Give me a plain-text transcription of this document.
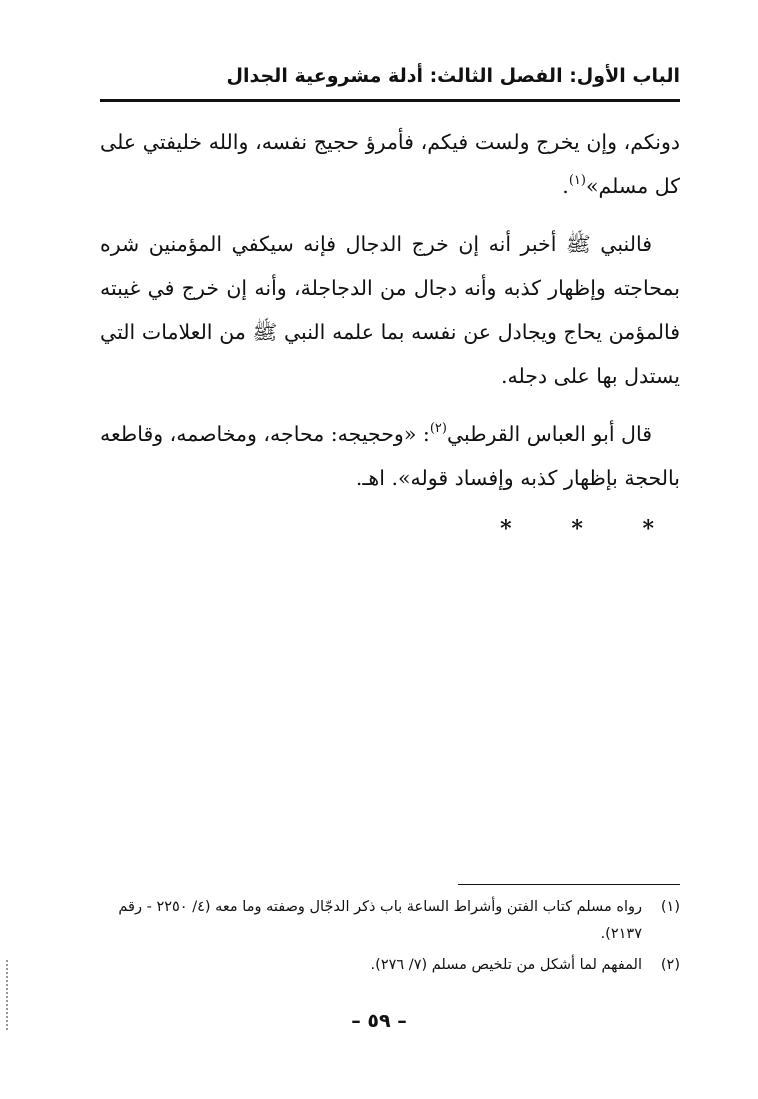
الباب الأول: الفصل الثالث: أدلة مشروعية الجدال

دونكم، وإن يخرج ولست فيكم، فأمرؤ حجيج نفسه، والله خليفتي على كل مسلم»$^{(١)}$.

فالنبي ﷺ أخبر أنه إن خرج الدجال فإنه سيكفي المؤمنين شره بمحاجته وإظهار كذبه وأنه دجال من الدجاجلة، وأنه إن خرج في غيبته فالمؤمن يحاج ويجادل عن نفسه بما علمه النبي ﷺ من العلامات التي يستدل بها على دجله.

قال أبو العباس القرطبي$^{(٢)}$: «وحجيجه: محاجه، ومخاصمه، وقاطعه بالحجة بإظهار كذبه وإفساد قوله». اهـ.

* * *
(١)
رواه مسلم كتاب الفتن وأشراط الساعة باب ذكر الدجّال وصفته وما معه (٤/ ٢٢٥٠ - رقم ٢١٣٧).
(٢)
المفهم لما أشكل من تلخيص مسلم (٧/ ٢٧٦).
– ٥٩ –
